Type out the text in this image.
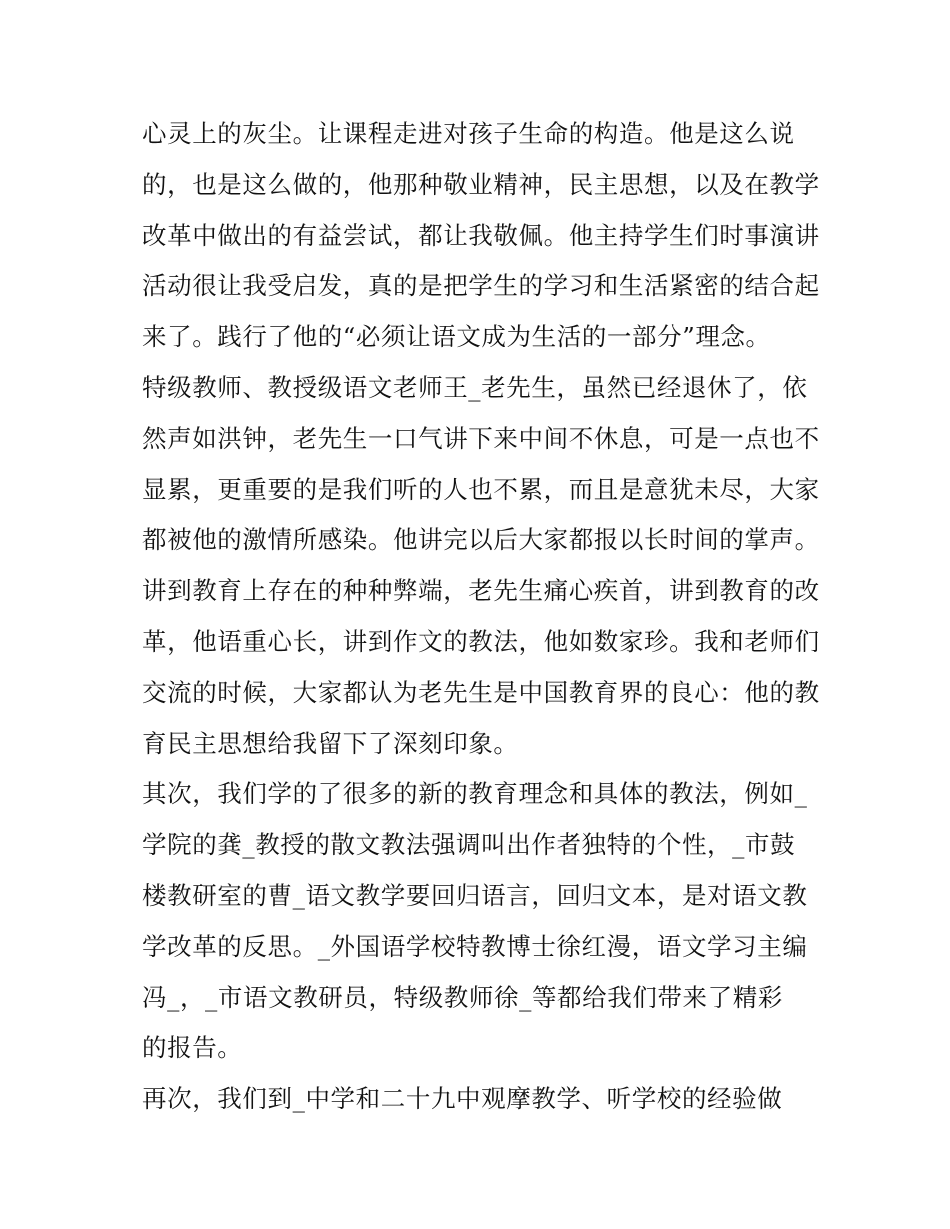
心灵上的灰尘。让课程走进对孩子生命的构造。他是这么说
的，也是这么做的，他那种敬业精神，民主思想，以及在教学
改革中做出的有益尝试，都让我敬佩。他主持学生们时事演讲
活动很让我受启发，真的是把学生的学习和生活紧密的结合起
来了。践行了他的“必须让语文成为生活的一部分”理念。
特级教师、教授级语文老师王_老先生，虽然已经退休了，依
然声如洪钟，老先生一口气讲下来中间不休息，可是一点也不
显累，更重要的是我们听的人也不累，而且是意犹未尽，大家
都被他的激情所感染。他讲完以后大家都报以长时间的掌声。
讲到教育上存在的种种弊端，老先生痛心疾首，讲到教育的改
革，他语重心长，讲到作文的教法，他如数家珍。我和老师们
交流的时候，大家都认为老先生是中国教育界的良心：他的教
育民主思想给我留下了深刻印象。
其次，我们学的了很多的新的教育理念和具体的教法，例如_
学院的龚_教授的散文教法强调叫出作者独特的个性，_市鼓
楼教研室的曹_语文教学要回归语言，回归文本，是对语文教
学改革的反思。_外国语学校特教博士徐红漫，语文学习主编
冯_，_市语文教研员，特级教师徐_等都给我们带来了精彩
的报告。
再次，我们到_中学和二十九中观摩教学、听学校的经验做
